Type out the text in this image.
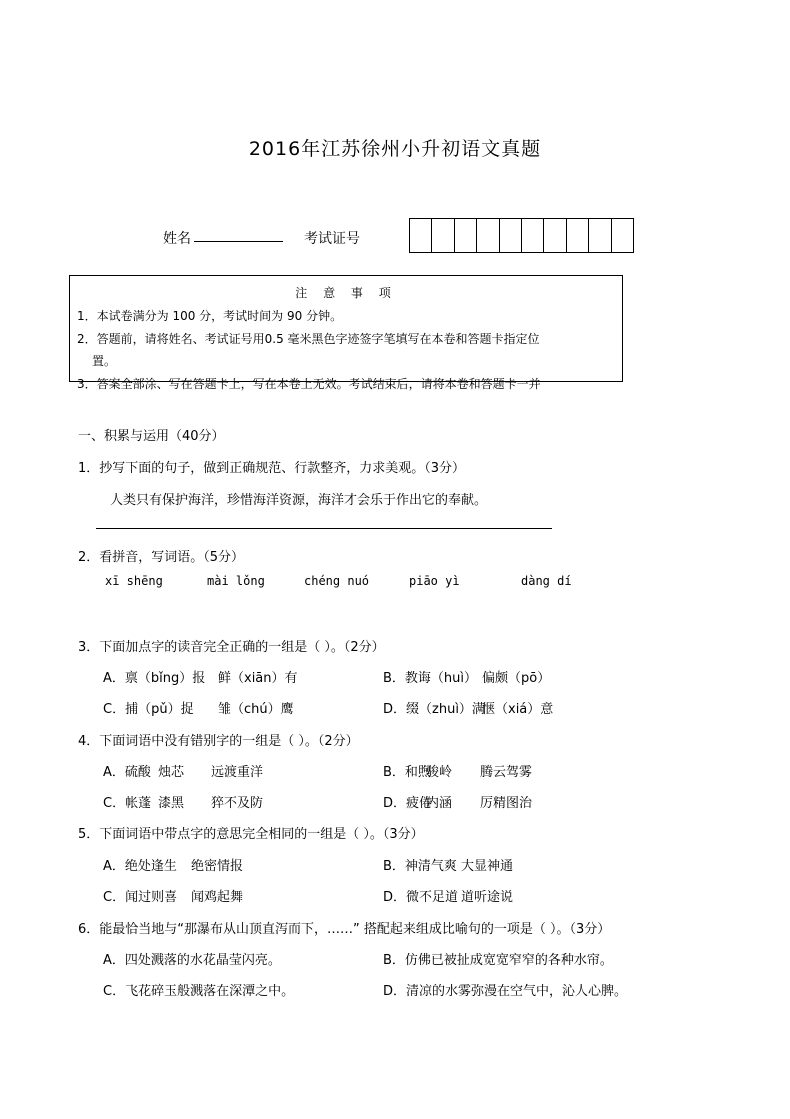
2016年江苏徐州小升初语文真题
姓名	考试证号
注 意 事 项
1．本试卷满分为 100 分，考试时间为 90 分钟。
2．答题前，请将姓名、考试证号用0.5 毫米黑色字迹签字笔填写在本卷和答题卡指定位
置。
3．答案全部涂、写在答题卡上，写在本卷上无效。考试结束后，请将本卷和答题卡一并
一、积累与运用（40分）
1．抄写下面的句子，做到正确规范、行款整齐，力求美观。（3分）
人类只有保护海洋，珍惜海洋资源，海洋才会乐于作出它的奉献。
2．看拼音，写词语。（5分）
xī shēng	mài lǒng	chéng nuó	piāo yì	dàng dí
3．下面加点字的读音完全正确的一组是（ ）。（2分）
A．禀（bǐng）报 鲜（xiān）有	B．教诲（huì） 偏颇（pō）
C．捕（pǔ）捉 雏（chú）鹰	D．缀（zhuì）满
惬（xiá）意
4．下面词语中没有错别字的一组是（ ）。（2分）
A．硫酸 烛芯 远渡重洋	B．和煦
骏岭 腾云驾雾
C．帐蓬 漆黑 猝不及防	D．疲倦
内涵 厉精图治
5．下面词语中带点字的意思完全相同的一组是（ ）。（3分）
A．绝处逢生 绝密情报	B．神清气爽 大显神通
C．闻过则喜 闻鸡起舞	D．微不足道 道听途说
6．能最恰当地与“那瀑布从山顶直泻而下，……” 搭配起来组成比喻句的一项是（ ）。（3分）
A．四处溅落的水花晶莹闪亮。	B．仿佛已被扯成宽宽窄窄的各种水帘。
C．飞花碎玉般溅落在深潭之中。	D．清凉的水雾弥漫在空气中，沁人心脾。
